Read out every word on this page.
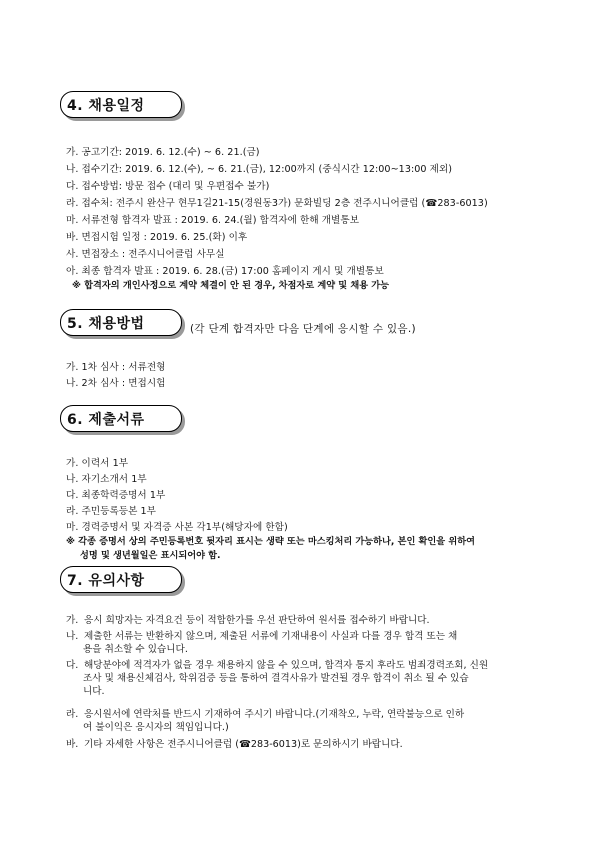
4. 채용일정
가. 공고기간: 2019. 6. 12.(수) ~ 6. 21.(금)
나. 접수기간: 2019. 6. 12.(수), ~ 6. 21.(금), 12:00까지 (중식시간 12:00~13:00 제외)
다. 접수방법: 방문 접수 (대리 및 우편접수 불가)
라. 접수처: 전주시 완산구 현무1길21-15(경원동3가) 문화빌딩 2층 전주시니어클럽 (☎283-6013)
마. 서류전형 합격자 발표 : 2019. 6. 24.(월) 합격자에 한해 개별통보
바. 면접시험 일정 : 2019. 6. 25.(화) 이후
사. 면접장소 : 전주시니어클럽 사무실
아. 최종 합격자 발표 : 2019. 6. 28.(금) 17:00 홈페이지 게시 및 개별통보
※ 합격자의 개인사정으로 계약 체결이 안 된 경우, 차점자로 계약 및 채용 가능
5. 채용방법	(각 단계 합격자만 다음 단계에 응시할 수 있음.)
가. 1차 심사 : 서류전형
나. 2차 심사 : 면접시험
6. 제출서류
가. 이력서 1부
나. 자기소개서 1부
다. 최종학력증명서 1부
라. 주민등록등본 1부
마. 경력증명서 및 자격증 사본 각1부(해당자에 한함)
※ 각종 증명서 상의 주민등록번호 뒷자리 표시는 생략 또는 마스킹처리 가능하나, 본인 확인을 위하여
성명 및 생년월일은 표시되어야 함.
7. 유의사항
가. 응시 희망자는 자격요건 등이 적합한가를 우선 판단하여 원서를 접수하기 바랍니다.
나. 제출한 서류는 반환하지 않으며, 제출된 서류에 기재내용이 사실과 다를 경우 합격 또는 채
용을 취소할 수 있습니다.
다. 해당분야에 적격자가 없을 경우 채용하지 않을 수 있으며, 합격자 통지 후라도 범죄경력조회, 신원
조사 및 채용신체검사, 학위검증 등을 통하여 결격사유가 발견될 경우 합격이 취소 될 수 있습
니다.
라. 응시원서에 연락처를 반드시 기재하여 주시기 바랍니다.(기재착오, 누락, 연락불능으로 인하
여 불이익은 응시자의 책임입니다.)
바. 기타 자세한 사항은 전주시니어클럽 (☎283-6013)로 문의하시기 바랍니다.
